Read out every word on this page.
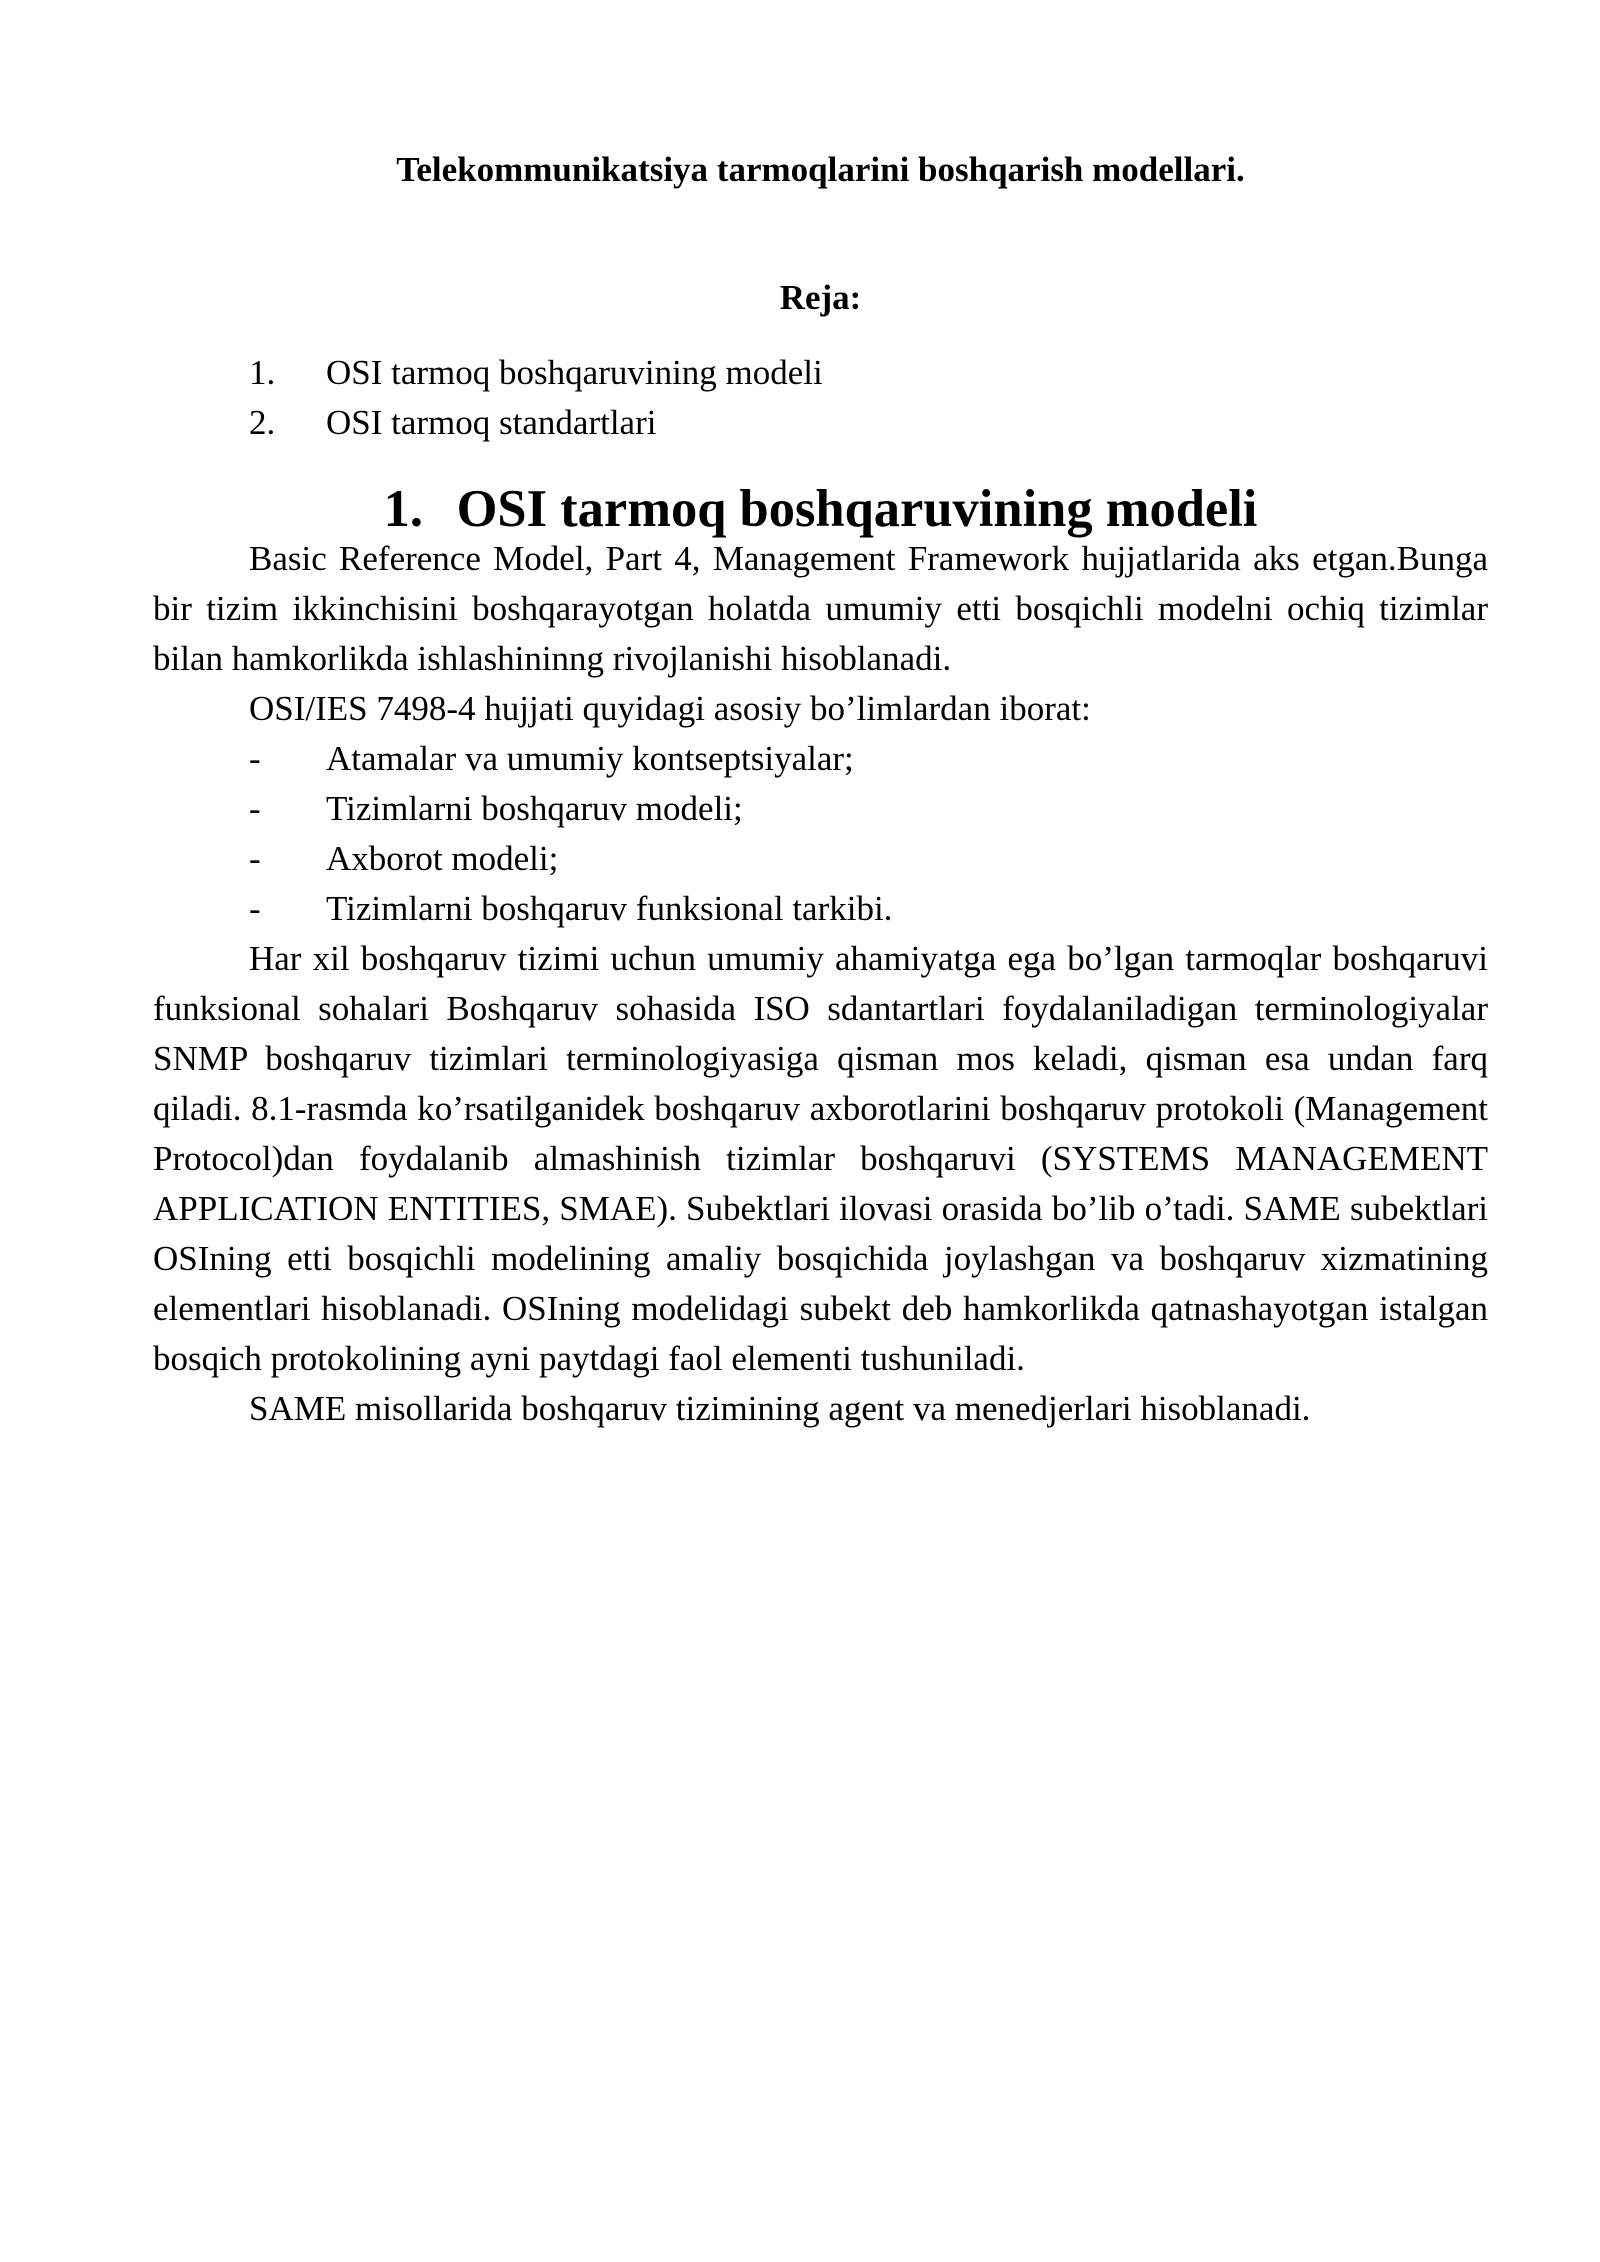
Telekommunikatsiya tarmoqlarini boshqarish modellari.
Reja:
1.	OSI tarmoq boshqaruvining modeli
2.	OSI tarmoq standartlari
1. OSI tarmoq boshqaruvining modeli

Basic Reference Model, Part 4, Management Framework hujjatlarida aks etgan.Bunga bir tizim ikkinchisini boshqarayotgan holatda umumiy etti bosqichli modelni ochiq tizimlar bilan hamkorlikda ishlashininng rivojlanishi hisoblanadi.

OSI/IES 7498-4 hujjati quyidagi asosiy bo’limlardan iborat:

-	Atamalar va umumiy kontseptsiyalar;
-	Tizimlarni boshqaruv modeli;
-	Axborot modeli;
-	Tizimlarni boshqaruv funksional tarkibi.

Har xil boshqaruv tizimi uchun umumiy ahamiyatga ega bo’lgan tarmoqlar boshqaruvi funksional sohalari Boshqaruv sohasida ISO sdantartlari foydalaniladigan terminologiyalar SNMP boshqaruv tizimlari terminologiyasiga qisman mos keladi, qisman esa undan farq qiladi. 8.1-rasmda ko’rsatilganidek boshqaruv axborotlarini boshqaruv protokoli (Management Protocol)dan foydalanib almashinish tizimlar boshqaruvi (SYSTEMS MANAGEMENT APPLICATION ENTITIES, SMAE). Subektlari ilovasi orasida bo’lib o’tadi. SAME subektlari OSIning etti bosqichli modelining amaliy bosqichida joylashgan va boshqaruv xizmatining elementlari hisoblanadi. OSIning modelidagi subekt deb hamkorlikda qatnashayotgan istalgan bosqich protokolining ayni paytdagi faol elementi tushuniladi.

SAME misollarida boshqaruv tizimining agent va menedjerlari hisoblanadi.
